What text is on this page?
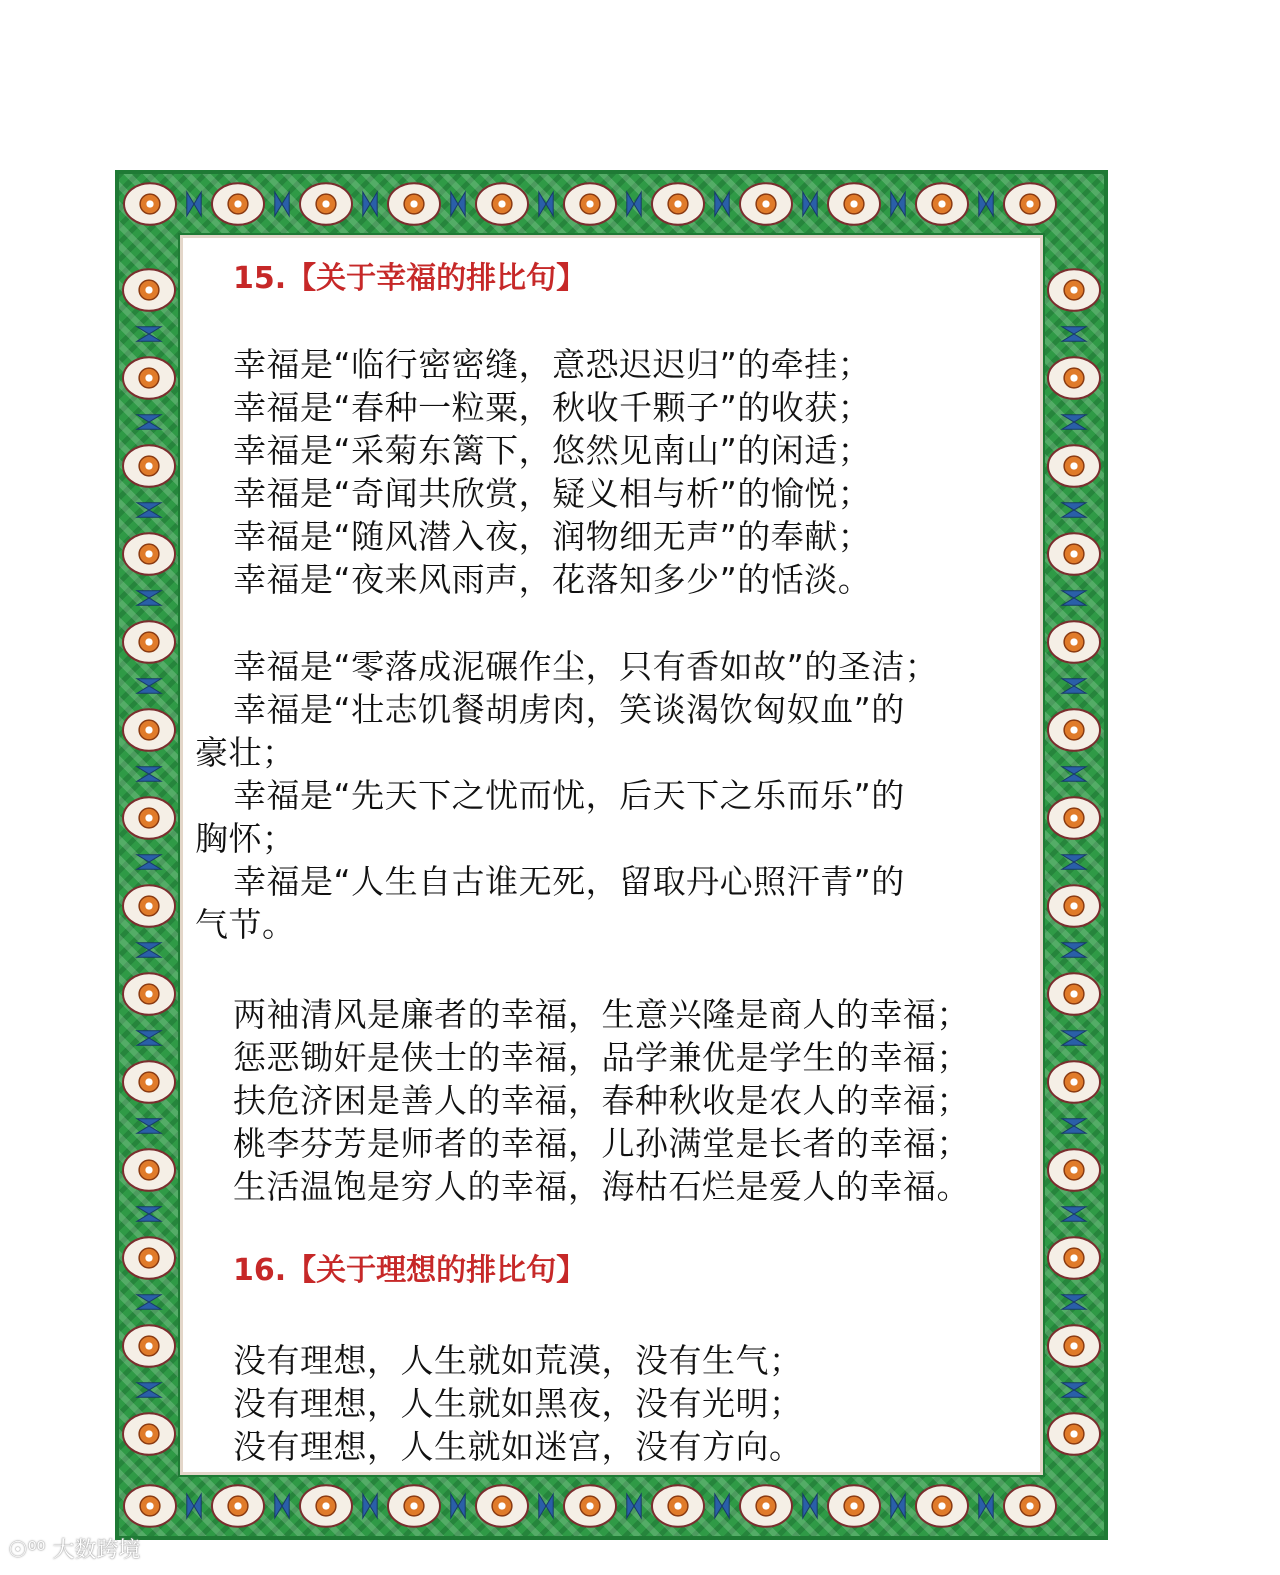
15.【关于幸福的排比句】
幸福是“临行密密缝，意恐迟迟归”的牵挂；
幸福是“春种一粒粟，秋收千颗子”的收获；
幸福是“采菊东篱下，悠然见南山”的闲适；
幸福是“奇闻共欣赏，疑义相与析”的愉悦；
幸福是“随风潜入夜，润物细无声”的奉献；
幸福是“夜来风雨声，花落知多少”的恬淡。
幸福是“零落成泥碾作尘，只有香如故”的圣洁；
幸福是“壮志饥餐胡虏肉，笑谈渴饮匈奴血”的
豪壮；
幸福是“先天下之忧而忧，后天下之乐而乐”的
胸怀；
幸福是“人生自古谁无死，留取丹心照汗青”的
气节。
两袖清风是廉者的幸福，生意兴隆是商人的幸福；
惩恶锄奸是侠士的幸福，品学兼优是学生的幸福；
扶危济困是善人的幸福，春种秋收是农人的幸福；
桃李芬芳是师者的幸福，儿孙满堂是长者的幸福；
生活温饱是穷人的幸福，海枯石烂是爱人的幸福。
16.【关于理想的排比句】
没有理想，人生就如荒漠，没有生气；
没有理想，人生就如黑夜，没有光明；
没有理想，人生就如迷宫，没有方向。
☉⁰⁰ 大数跨境
